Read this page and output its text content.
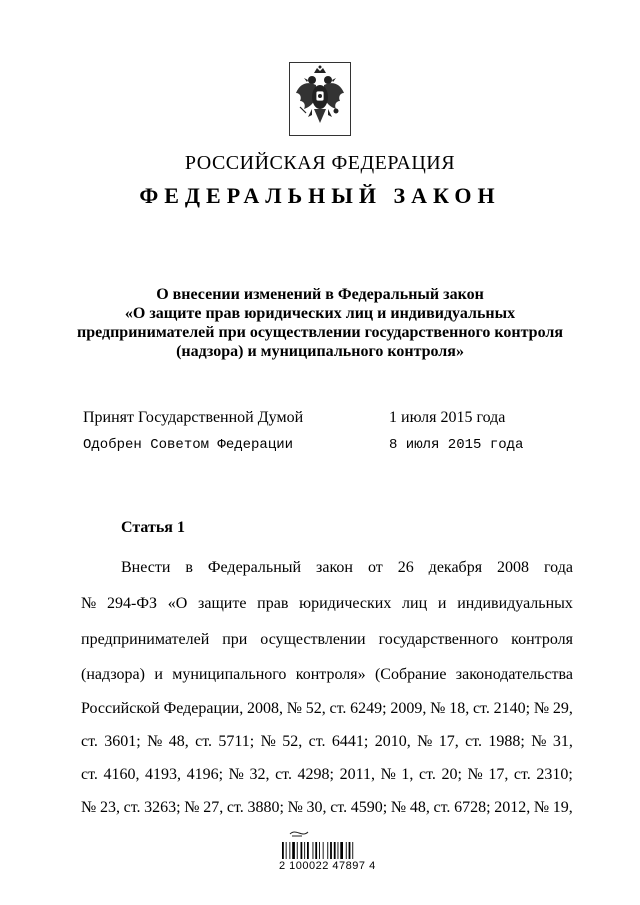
РОССИЙСКАЯ ФЕДЕРАЦИЯ
ФЕДЕРАЛЬНЫЙ ЗАКОН
О внесении изменений в Федеральный закон
«О защите прав юридических лиц и индивидуальных
предпринимателей при осуществлении государственного контроля
(надзора) и муниципального контроля»
Принят Государственной Думой	1 июля 2015 года
Одобрен Советом Федерации	8 июля 2015 года
Статья 1
Внести в Федеральный закон от 26 декабря 2008 года
№ 294-ФЗ «О защите прав юридических лиц и индивидуальных
предпринимателей при осуществлении государственного контроля
(надзора) и муниципального контроля» (Собрание законодательства
Российской Федерации, 2008, № 52, ст. 6249; 2009, № 18, ст. 2140; № 29,
ст. 3601; № 48, ст. 5711; № 52, ст. 6441; 2010, № 17, ст. 1988; № 31,
ст. 4160, 4193, 4196; № 32, ст. 4298; 2011, № 1, ст. 20; № 17, ст. 2310;
№ 23, ст. 3263; № 27, ст. 3880; № 30, ст. 4590; № 48, ст. 6728; 2012, № 19,
2 100022 47897 4
